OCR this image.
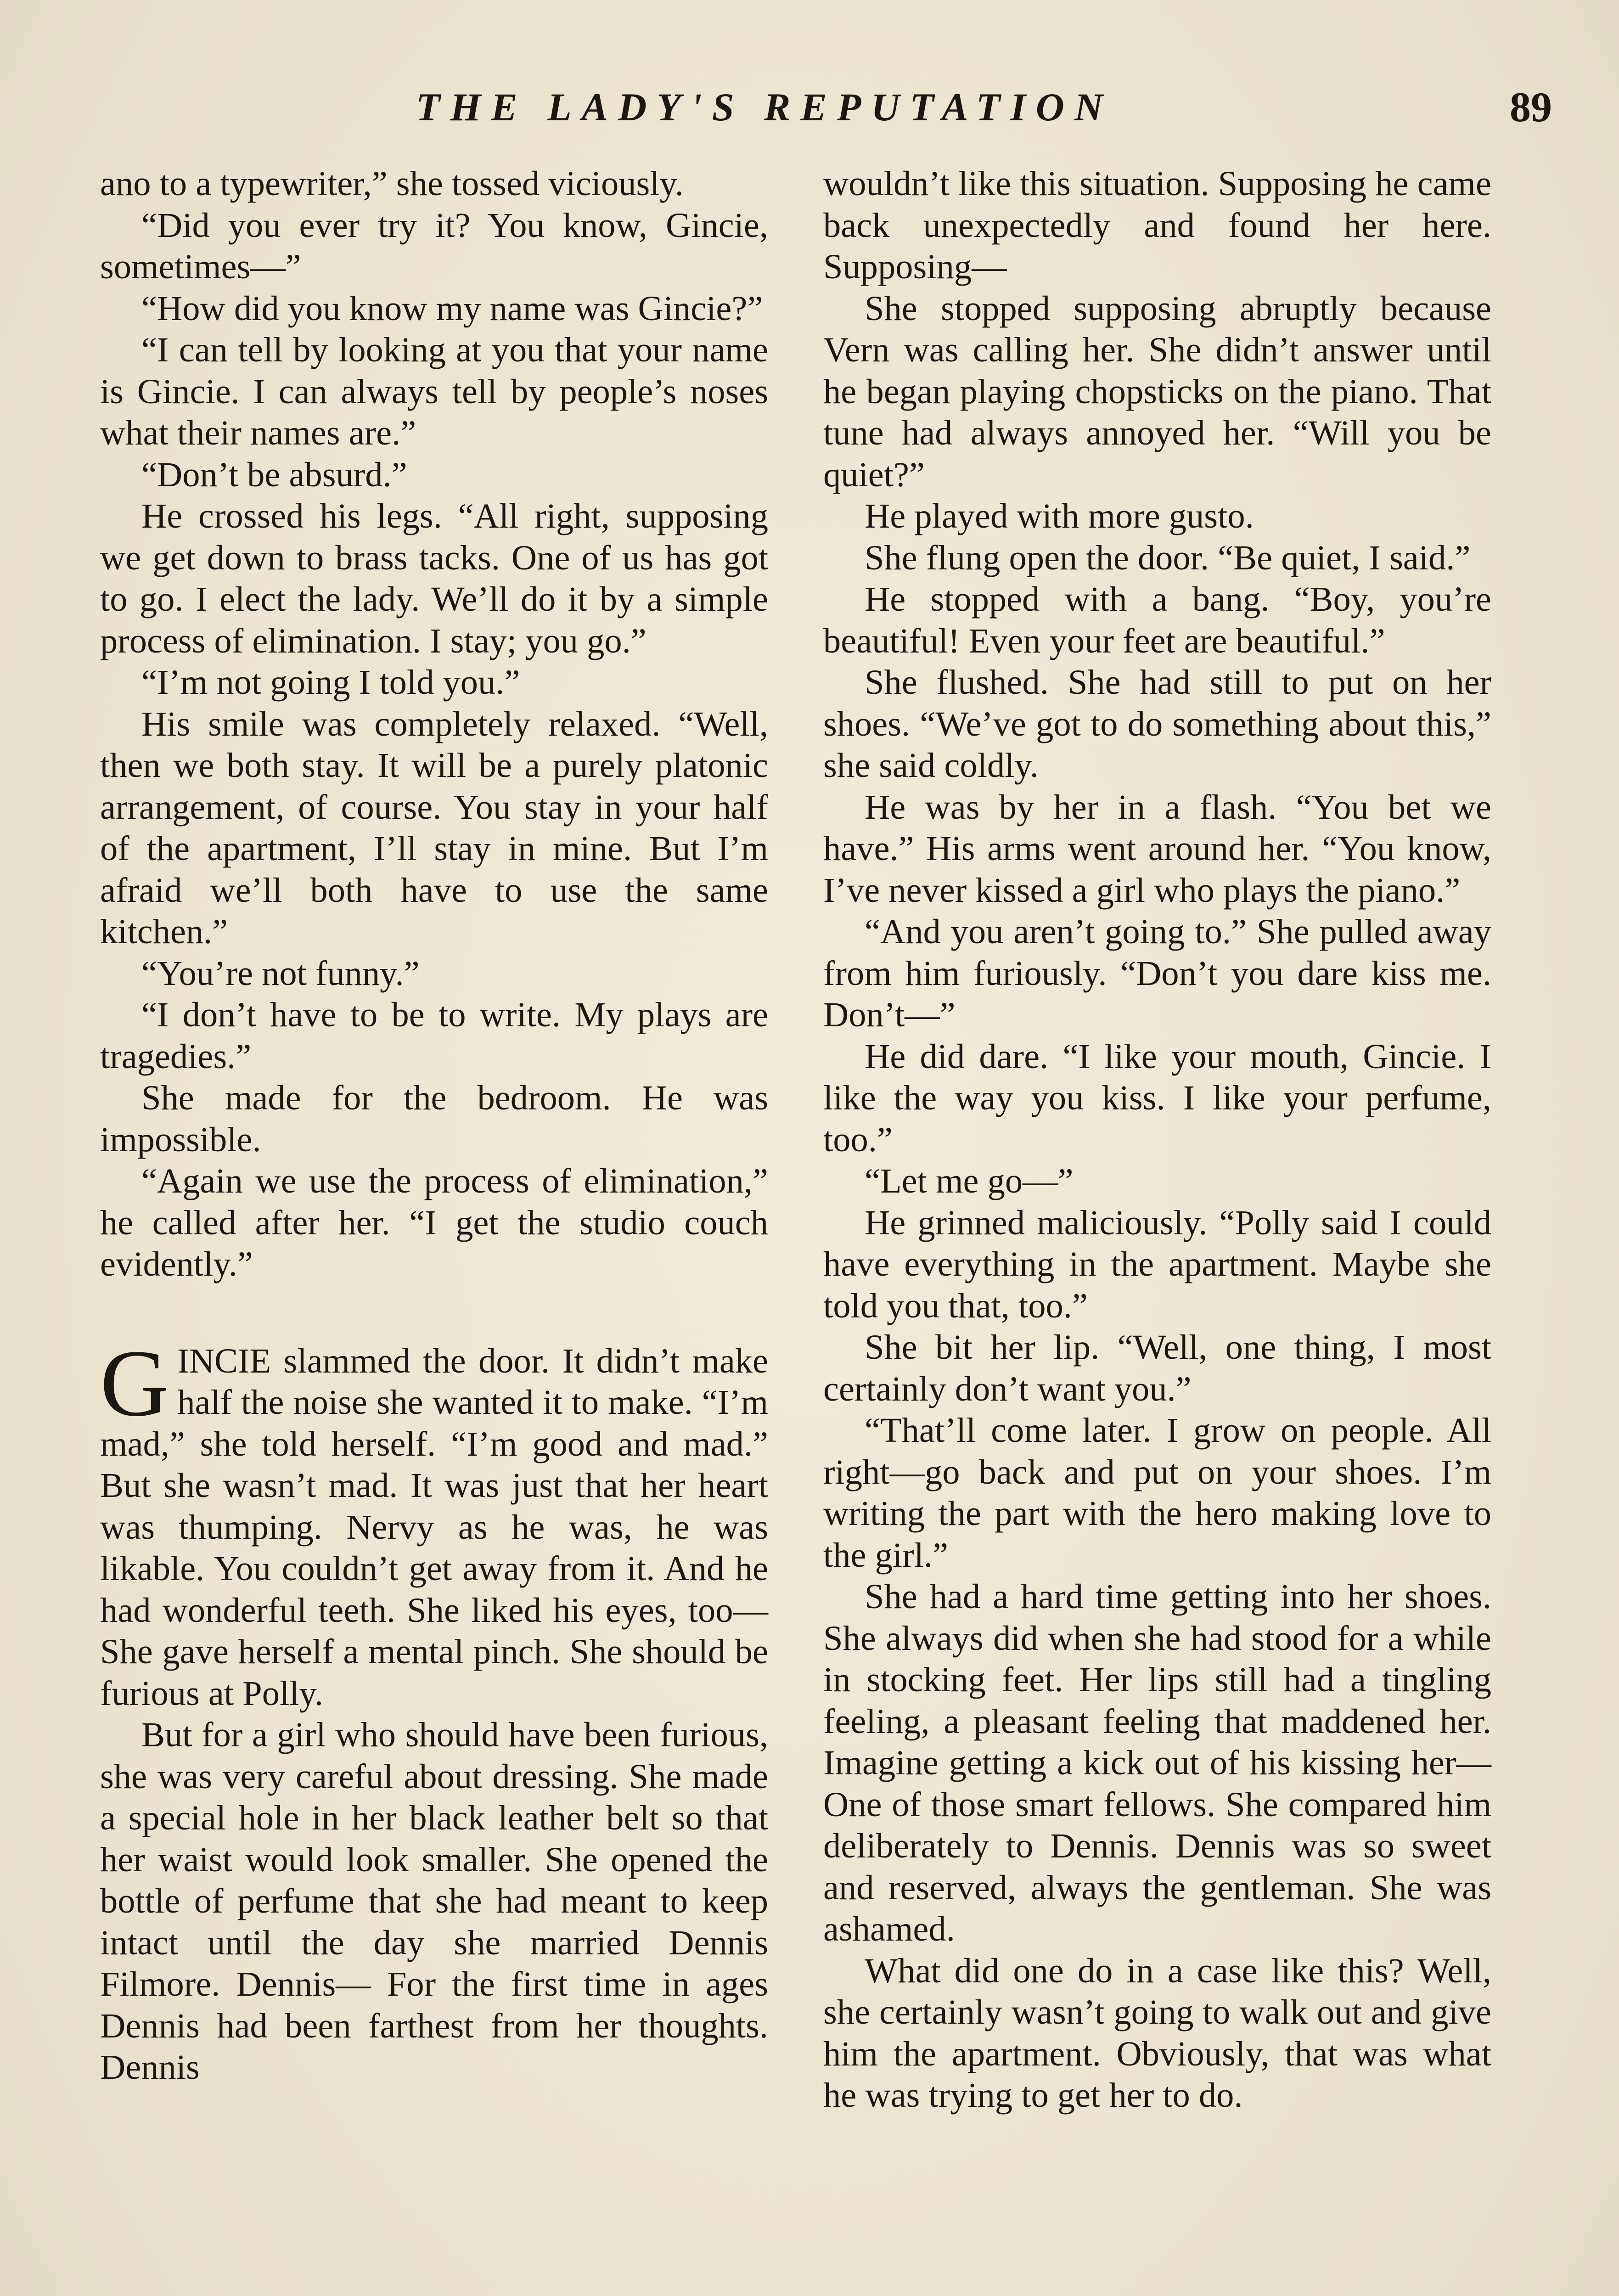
THE LADY'S REPUTATION	89

ano to a typewriter,” she tossed viciously.

“Did you ever try it? You know, Gincie, sometimes—”

“How did you know my name was Gincie?”

“I can tell by looking at you that your name is Gincie. I can always tell by people’s noses what their names are.”

“Don’t be absurd.”

He crossed his legs. “All right, supposing we get down to brass tacks. One of us has got to go. I elect the lady. We’ll do it by a simple process of elimination. I stay; you go.”

“I’m not going I told you.”

His smile was completely relaxed. “Well, then we both stay. It will be a purely platonic arrangement, of course. You stay in your half of the apartment, I’ll stay in mine. But I’m afraid we’ll both have to use the same kitchen.”

“You’re not funny.”

“I don’t have to be to write. My plays are tragedies.”

She made for the bedroom. He was impossible.

“Again we use the process of elimination,” he called after her. “I get the studio couch evidently.”

GINCIE slammed the door. It didn’t make half the noise she wanted it to make. “I’m mad,” she told herself. “I’m good and mad.” But she wasn’t mad. It was just that her heart was thumping. Nervy as he was, he was likable. You couldn’t get away from it. And he had wonderful teeth. She liked his eyes, too— She gave herself a mental pinch. She should be furious at Polly.

But for a girl who should have been furious, she was very careful about dressing. She made a special hole in her black leather belt so that her waist would look smaller. She opened the bottle of perfume that she had meant to keep intact until the day she married Dennis Filmore. Dennis— For the first time in ages Dennis had been farthest from her thoughts. Dennis

wouldn’t like this situation. Supposing he came back unexpectedly and found her here. Supposing—

She stopped supposing abruptly because Vern was calling her. She didn’t answer until he began playing chopsticks on the piano. That tune had always annoyed her. “Will you be quiet?”

He played with more gusto.

She flung open the door. “Be quiet, I said.”

He stopped with a bang. “Boy, you’re beautiful! Even your feet are beautiful.”

She flushed. She had still to put on her shoes. “We’ve got to do something about this,” she said coldly.

He was by her in a flash. “You bet we have.” His arms went around her. “You know, I’ve never kissed a girl who plays the piano.”

“And you aren’t going to.” She pulled away from him furiously. “Don’t you dare kiss me. Don’t—”

He did dare. “I like your mouth, Gincie. I like the way you kiss. I like your perfume, too.”

“Let me go—”

He grinned maliciously. “Polly said I could have everything in the apartment. Maybe she told you that, too.”

She bit her lip. “Well, one thing, I most certainly don’t want you.”

“That’ll come later. I grow on people. All right—go back and put on your shoes. I’m writing the part with the hero making love to the girl.”

She had a hard time getting into her shoes. She always did when she had stood for a while in stocking feet. Her lips still had a tingling feeling, a pleasant feeling that maddened her. Imagine getting a kick out of his kissing her— One of those smart fellows. She compared him deliberately to Dennis. Dennis was so sweet and reserved, always the gentleman. She was ashamed.

What did one do in a case like this? Well, she certainly wasn’t going to walk out and give him the apartment. Obviously, that was what he was trying to get her to do.
